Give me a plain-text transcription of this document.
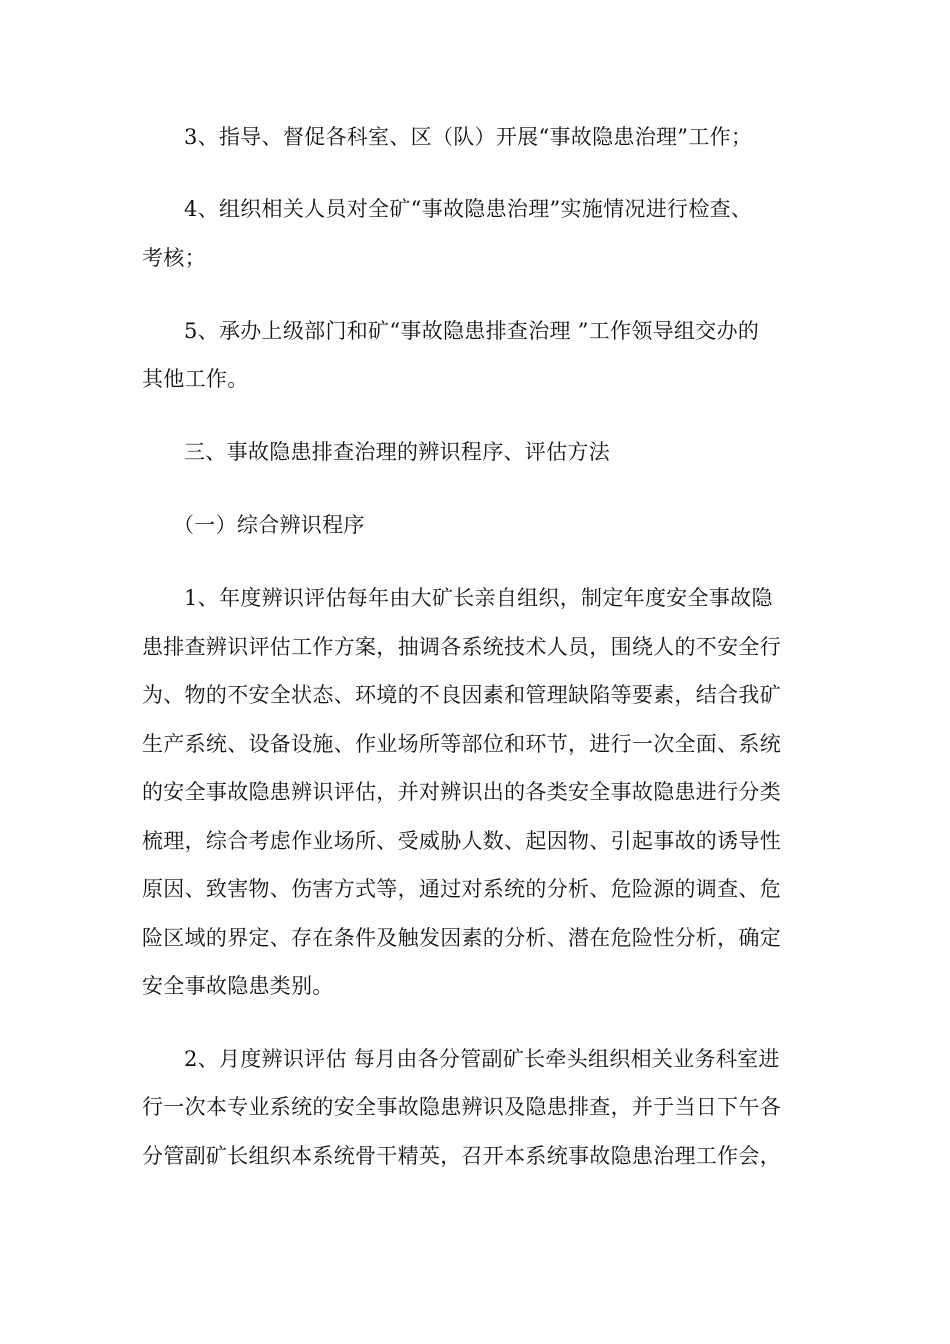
3、指导、督促各科室、区（队）开展“事故隐患治理”工作；
4、组织相关人员对全矿“事故隐患治理”实施情况进行检查、
考核；
5、承办上级部门和矿“事故隐患排查治理 ”工作领导组交办的
其他工作。
三、事故隐患排查治理的辨识程序、评估方法
（一）综合辨识程序
1、年度辨识评估每年由大矿长亲自组织，制定年度安全事故隐
患排查辨识评估工作方案，抽调各系统技术人员，围绕人的不安全行
为、物的不安全状态、环境的不良因素和管理缺陷等要素，结合我矿
生产系统、设备设施、作业场所等部位和环节，进行一次全面、系统
的安全事故隐患辨识评估，并对辨识出的各类安全事故隐患进行分类
梳理，综合考虑作业场所、受威胁人数、起因物、引起事故的诱导性
原因、致害物、伤害方式等，通过对系统的分析、危险源的调查、危
险区域的界定、存在条件及触发因素的分析、潜在危险性分析，确定
安全事故隐患类别。
2、月度辨识评估 每月由各分管副矿长牵头组织相关业务科室进
行一次本专业系统的安全事故隐患辨识及隐患排查，并于当日下午各
分管副矿长组织本系统骨干精英，召开本系统事故隐患治理工作会，
